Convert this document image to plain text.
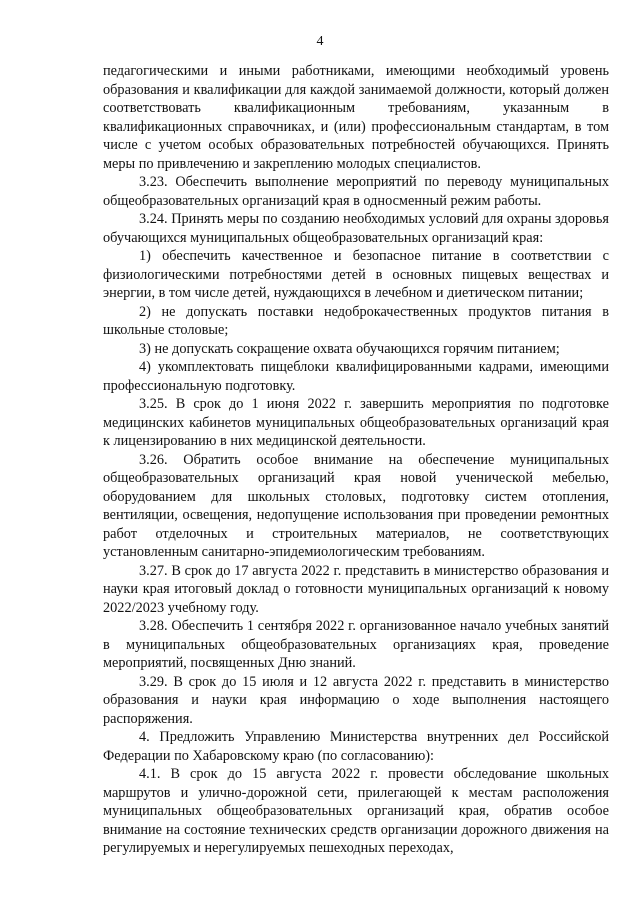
4

педагогическими и иными работниками, имеющими необходимый уровень образования и квалификации для каждой занимаемой должности, который должен соответствовать квалификационным требованиям, указанным в квалификационных справочниках, и (или) профессиональным стандартам, в том числе с учетом особых образовательных потребностей обучающихся. Принять меры по привлечению и закреплению молодых специалистов.

3.23. Обеспечить выполнение мероприятий по переводу муниципальных общеобразовательных организаций края в односменный режим работы.

3.24. Принять меры по созданию необходимых условий для охраны здоровья обучающихся муниципальных общеобразовательных организаций края:

1) обеспечить качественное и безопасное питание в соответствии с физиологическими потребностями детей в основных пищевых веществах и энергии, в том числе детей, нуждающихся в лечебном и диетическом питании;

2) не допускать поставки недоброкачественных продуктов питания в школьные столовые;

3) не допускать сокращение охвата обучающихся горячим питанием;

4) укомплектовать пищеблоки квалифицированными кадрами, имеющими профессиональную подготовку.

3.25. В срок до 1 июня 2022 г. завершить мероприятия по подготовке медицинских кабинетов муниципальных общеобразовательных организаций края к лицензированию в них медицинской деятельности.

3.26. Обратить особое внимание на обеспечение муниципальных общеобразовательных организаций края новой ученической мебелью, оборудованием для школьных столовых, подготовку систем отопления, вентиляции, освещения, недопущение использования при проведении ремонтных работ отделочных и строительных материалов, не соответствующих установленным санитарно-эпидемиологическим требованиям.

3.27. В срок до 17 августа 2022 г. представить в министерство образования и науки края итоговый доклад о готовности муниципальных организаций к новому 2022/2023 учебному году.

3.28. Обеспечить 1 сентября 2022 г. организованное начало учебных занятий в муниципальных общеобразовательных организациях края, проведение мероприятий, посвященных Дню знаний.

3.29. В срок до 15 июля и 12 августа 2022 г. представить в министерство образования и науки края информацию о ходе выполнения настоящего распоряжения.

4. Предложить Управлению Министерства внутренних дел Российской Федерации по Хабаровскому краю (по согласованию):

4.1. В срок до 15 августа 2022 г. провести обследование школьных маршрутов и улично-дорожной сети, прилегающей к местам расположения муниципальных общеобразовательных организаций края, обратив особое внимание на состояние технических средств организации дорожного движения на регулируемых и нерегулируемых пешеходных переходах,
